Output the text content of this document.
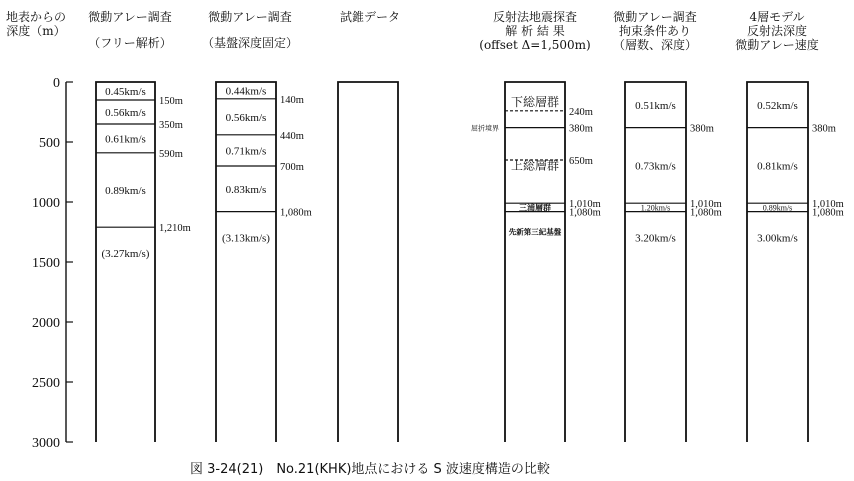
地表からの
深度（m）
微動アレー調査
（フリー解析）
微動アレー調査
（基盤深度固定）
試錐データ	反射法地震探査
解 析 結 果
(offset Δ=1,500m)
微動アレー調査
拘束条件あり
（層数、深度）
4層モデル
反射法深度
微動アレー速度
0
500
1000
1500
2000
2500
3000
150m
350m
590m
1,210m
0.45km/s
0.56km/s
0.61km/s
0.89km/s
(3.27km/s)
140m
440m
700m
1,080m
0.44km/s
0.56km/s
0.71km/s
0.83km/s
(3.13km/s)
240m
380m
650m
1,010m
1,080m
下総層群
上総層群
三浦層群
先新第三紀基盤
屈折境界	380m
1,010m
1,080m
0.51km/s
0.73km/s
1.20km/s
3.20km/s
380m
1,010m
1,080m
0.52km/s
0.81km/s
0.89km/s
3.00km/s
図 3-24(21)　No.21(KHK)地点における S 波速度構造の比較
